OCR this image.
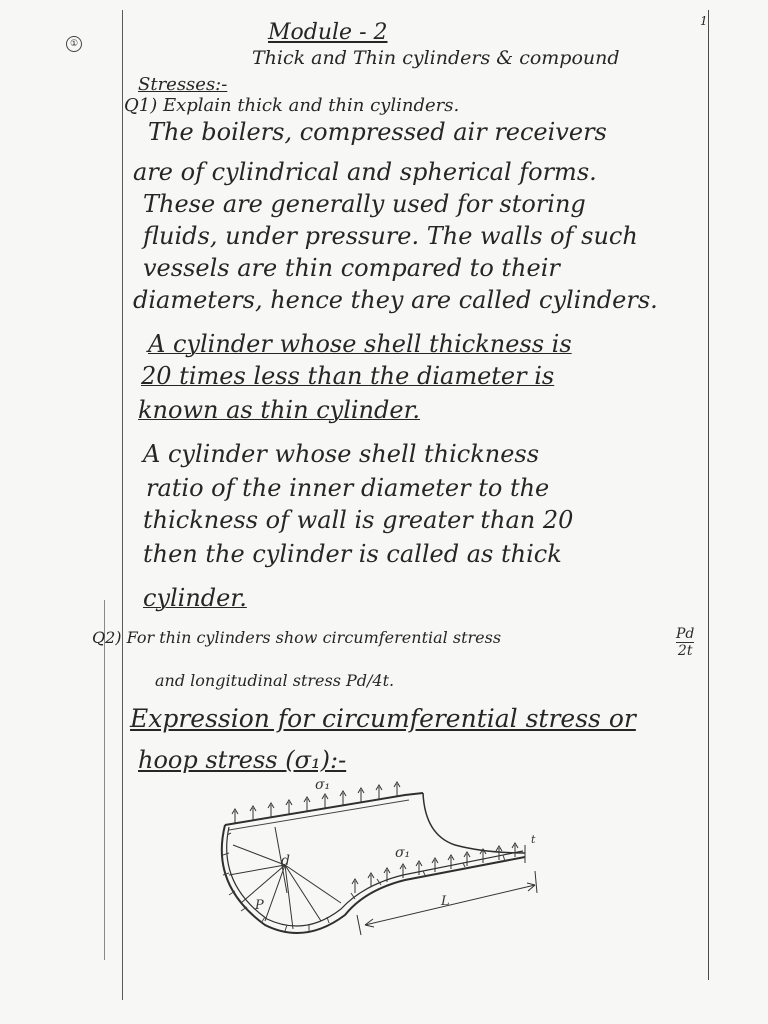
①
1
Module - 2
Thick and Thin cylinders & compound
Stresses:-
Q1) Explain thick and thin cylinders.
The boilers, compressed air receivers
are of cylindrical and spherical forms.
These are generally used for storing
fluids, under pressure. The walls of such
vessels are thin compared to their
diameters, hence they are called cylinders.
A cylinder whose shell thickness is
20 times less than the diameter is
known as thin cylinder.
A cylinder whose shell thickness
ratio of the inner diameter to the
thickness of wall is greater than 20
then the cylinder is called as thick
cylinder.
Q2) For thin cylinders show circumferential stress	$\frac{Pd}{2t}$
and longitudinal stress Pd/4t.
Expression for circumferential stress or
hoop stress (σ₁):-
σ₁
σ₁
d
P
t
L
